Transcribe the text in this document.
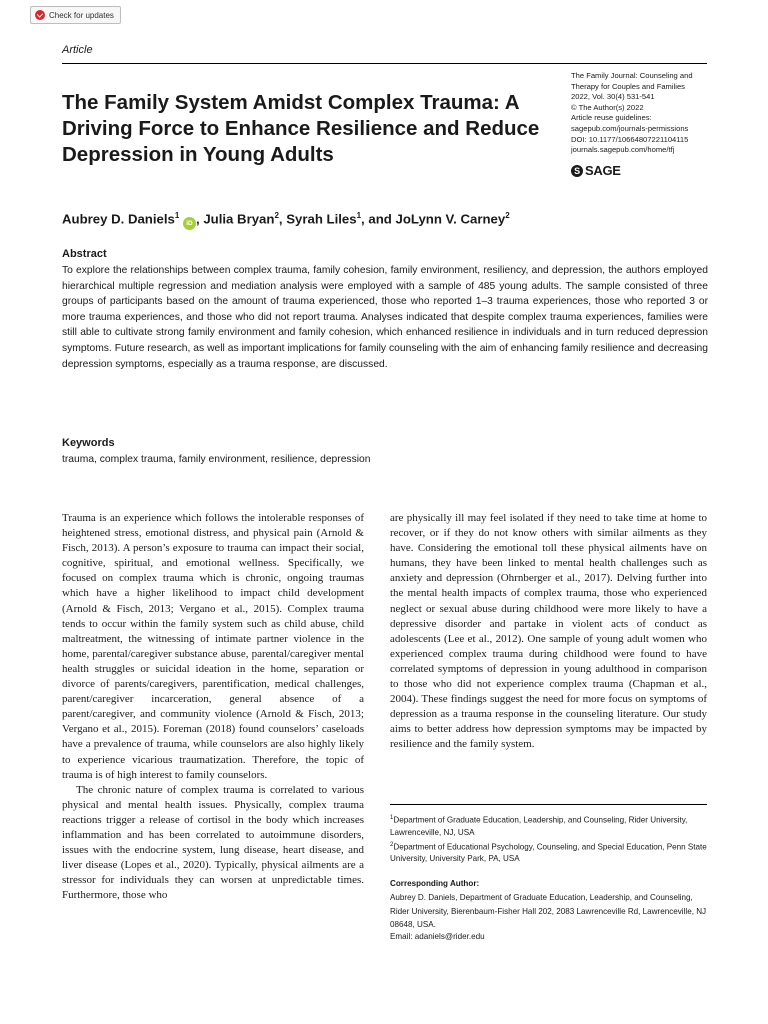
Check for updates
Article
The Family System Amidst Complex Trauma: A Driving Force to Enhance Resilience and Reduce Depression in Young Adults
The Family Journal: Counseling and
Therapy for Couples and Families
2022, Vol. 30(4) 531-541
© The Author(s) 2022
Article reuse guidelines:
sagepub.com/journals-permissions
DOI: 10.1177/10664807221104115
journals.sagepub.com/home/tfj
S SAGE
Aubrey D. Daniels$^1$ iD , Julia Bryan$^2$, Syrah Liles$^1$, and JoLynn V. Carney$^2$
Abstract

To explore the relationships between complex trauma, family cohesion, family environment, resiliency, and depression, the authors employed hierarchical multiple regression and mediation analysis were employed with a sample of 485 young adults. The sample consisted of three groups of participants based on the amount of trauma experienced, those who reported 1–3 trauma experiences, those who reported 3 or more trauma experiences, and those who did not report trauma. Analyses indicated that despite complex trauma experiences, families were still able to cultivate strong family environment and family cohesion, which enhanced resilience in individuals and in turn reduced depression symptoms. Future research, as well as important implications for family counseling with the aim of enhancing family resilience and decreasing depression symptoms, especially as a trauma response, are discussed.

Keywords
trauma, complex trauma, family environment, resilience, depression

Trauma is an experience which follows the intolerable responses of heightened stress, emotional distress, and physical pain (Arnold & Fisch, 2013). A person’s exposure to trauma can impact their social, cognitive, spiritual, and emotional wellness. Specifically, we focused on complex trauma which is chronic, ongoing traumas which have a higher likelihood to impact child development (Arnold & Fisch, 2013; Vergano et al., 2015). Complex trauma tends to occur within the family system such as child abuse, child maltreatment, the witnessing of intimate partner violence in the home, parental/caregiver substance abuse, parental/caregiver mental health struggles or suicidal ideation in the home, separation or divorce of parents/caregivers, parentification, medical challenges, parent/caregiver incarceration, general absence of a parent/caregiver, and community violence (Arnold & Fisch, 2013; Vergano et al., 2015). Foreman (2018) found counselors’ caseloads have a prevalence of trauma, while counselors are also highly likely to experience vicarious traumatization. Therefore, the topic of trauma is of high interest to family counselors.

The chronic nature of complex trauma is correlated to various physical and mental health issues. Physically, complex trauma reactions trigger a release of cortisol in the body which increases inflammation and has been correlated to autoimmune disorders, issues with the endocrine system, lung disease, heart disease, and liver disease (Lopes et al., 2020). Typically, physical ailments are a stressor for individuals they can worsen at unpredictable times. Furthermore, those who

are physically ill may feel isolated if they need to take time at home to recover, or if they do not know others with similar ailments as they have. Considering the emotional toll these physical ailments have on humans, they have been linked to mental health challenges such as anxiety and depression (Ohrnberger et al., 2017). Delving further into the mental health impacts of complex trauma, those who experienced neglect or sexual abuse during childhood were more likely to have a depressive disorder and partake in violent acts of conduct as adolescents (Lee et al., 2012). One sample of young adult women who experienced complex trauma during childhood were found to have correlated symptoms of depression in young adulthood in comparison to those who did not experience complex trauma (Chapman et al., 2004). These findings suggest the need for more focus on symptoms of depression as a trauma response in the counseling literature. Our study aims to better address how depression symptoms may be impacted by resilience and the family system.

$^1$Department of Graduate Education, Leadership, and Counseling, Rider University, Lawrenceville, NJ, USA

$^2$Department of Educational Psychology, Counseling, and Special Education, Penn State University, University Park, PA, USA

Corresponding Author:

Aubrey D. Daniels, Department of Graduate Education, Leadership, and Counseling, Rider University, Bierenbaum-Fisher Hall 202, 2083 Lawrenceville Rd, Lawrenceville, NJ 08648, USA.

Email: adaniels@rider.edu
